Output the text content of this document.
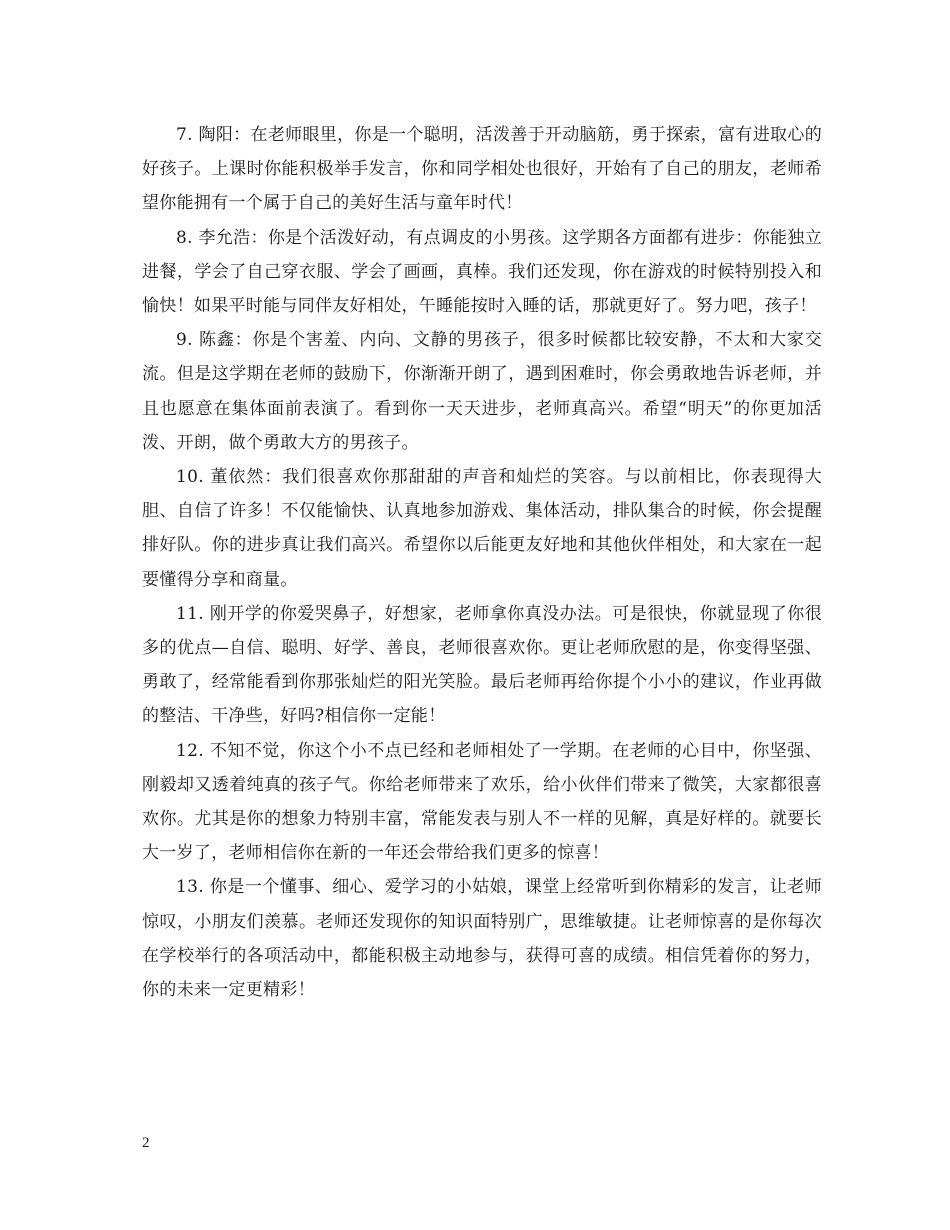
7. 陶阳：在老师眼里，你是一个聪明，活泼善于开动脑筋，勇于探索，富有进取心的好孩子。上课时你能积极举手发言，你和同学相处也很好，开始有了自己的朋友，老师希望你能拥有一个属于自己的美好生活与童年时代！

8. 李允浩：你是个活泼好动，有点调皮的小男孩。这学期各方面都有进步：你能独立进餐，学会了自己穿衣服、学会了画画，真棒。我们还发现，你在游戏的时候特别投入和愉快！如果平时能与同伴友好相处，午睡能按时入睡的话，那就更好了。努力吧，孩子！

9. 陈鑫：你是个害羞、内向、文静的男孩子，很多时候都比较安静，不太和大家交流。但是这学期在老师的鼓励下，你渐渐开朗了，遇到困难时，你会勇敢地告诉老师，并且也愿意在集体面前表演了。看到你一天天进步，老师真高兴。希望“明天”的你更加活泼、开朗，做个勇敢大方的男孩子。

10. 董依然：我们很喜欢你那甜甜的声音和灿烂的笑容。与以前相比，你表现得大胆、自信了许多！不仅能愉快、认真地参加游戏、集体活动，排队集合的时候，你会提醒排好队。你的进步真让我们高兴。希望你以后能更友好地和其他伙伴相处，和大家在一起要懂得分享和商量。

11. 刚开学的你爱哭鼻子，好想家，老师拿你真没办法。可是很快，你就显现了你很多的优点—自信、聪明、好学、善良，老师很喜欢你。更让老师欣慰的是，你变得坚强、勇敢了，经常能看到你那张灿烂的阳光笑脸。最后老师再给你提个小小的建议，作业再做的整洁、干净些，好吗?相信你一定能！

12. 不知不觉，你这个小不点已经和老师相处了一学期。在老师的心目中，你坚强、刚毅却又透着纯真的孩子气。你给老师带来了欢乐，给小伙伴们带来了微笑，大家都很喜欢你。尤其是你的想象力特别丰富，常能发表与别人不一样的见解，真是好样的。就要长大一岁了，老师相信你在新的一年还会带给我们更多的惊喜！

13. 你是一个懂事、细心、爱学习的小姑娘，课堂上经常听到你精彩的发言，让老师惊叹，小朋友们羡慕。老师还发现你的知识面特别广，思维敏捷。让老师惊喜的是你每次在学校举行的各项活动中，都能积极主动地参与，获得可喜的成绩。相信凭着你的努力，你的未来一定更精彩！

2
